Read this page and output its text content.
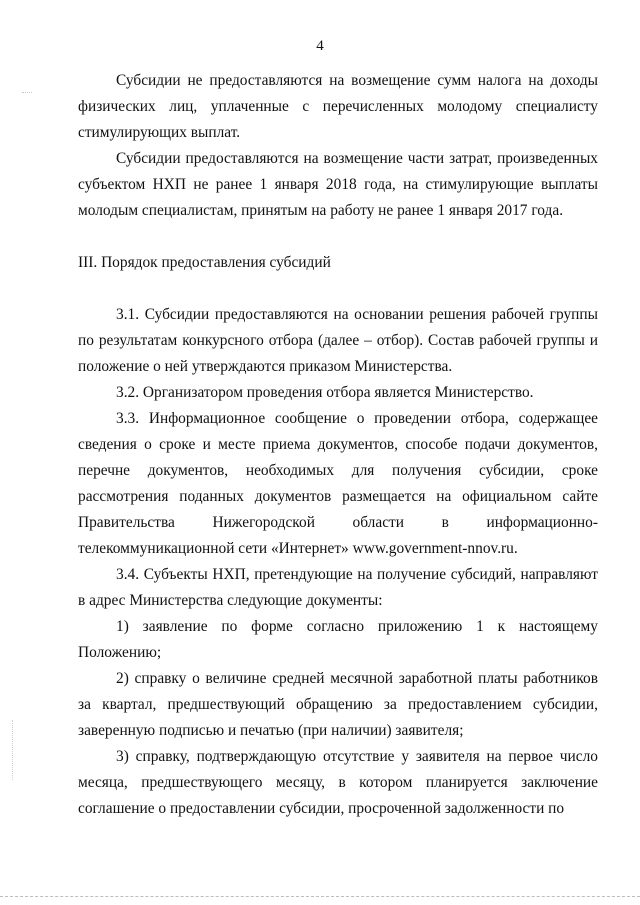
4

Субсидии не предоставляются на возмещение сумм налога на доходы физических лиц, уплаченные с перечисленных молодому специалисту стимулирующих выплат.

Субсидии предоставляются на возмещение части затрат, произведенных субъектом НХП не ранее 1 января 2018 года, на стимулирующие выплаты молодым специалистам, принятым на работу не ранее 1 января 2017 года.

III. Порядок предоставления субсидий

3.1. Субсидии предоставляются на основании решения рабочей группы по результатам конкурсного отбора (далее – отбор). Состав рабочей группы и положение о ней утверждаются приказом Министерства.

3.2. Организатором проведения отбора является Министерство.

3.3. Информационное сообщение о проведении отбора, содержащее сведения о сроке и месте приема документов, способе подачи документов, перечне документов, необходимых для получения субсидии, сроке рассмотрения поданных документов размещается на официальном сайте Правительства Нижегородской области в информационно-телекоммуникационной сети «Интернет» www.government-nnov.ru.

3.4. Субъекты НХП, претендующие на получение субсидий, направляют в адрес Министерства следующие документы:

1) заявление по форме согласно приложению 1 к настоящему Положению;

2) справку о величине средней месячной заработной платы работников за квартал, предшествующий обращению за предоставлением субсидии, заверенную подписью и печатью (при наличии) заявителя;

3) справку, подтверждающую отсутствие у заявителя на первое число месяца, предшествующего месяцу, в котором планируется заключение соглашение о предоставлении субсидии, просроченной задолженности по
